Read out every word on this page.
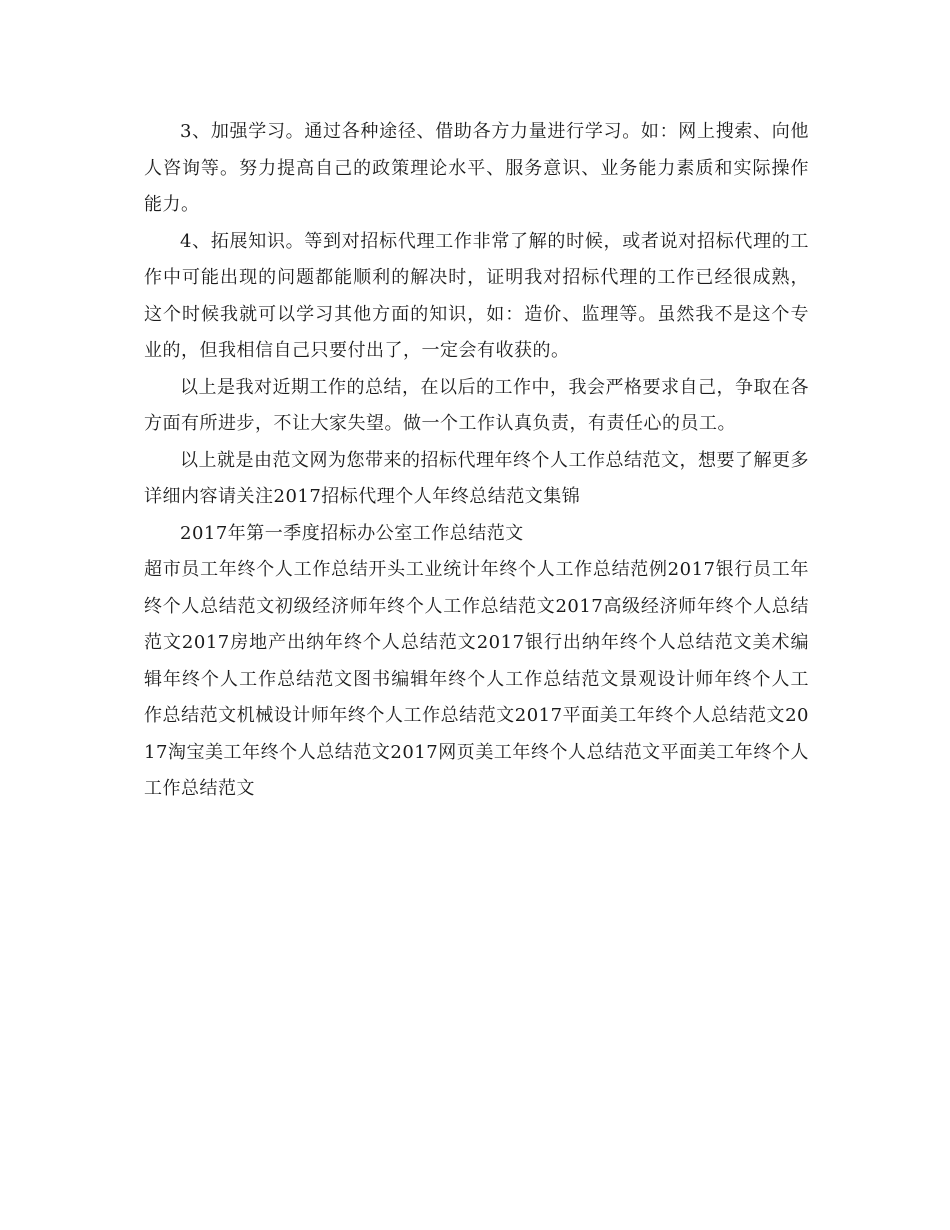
3、加强学习。通过各种途径、借助各方力量进行学习。如：网上搜索、向他人咨询等。努力提高自己的政策理论水平、服务意识、业务能力素质和实际操作能力。

4、拓展知识。等到对招标代理工作非常了解的时候，或者说对招标代理的工作中可能出现的问题都能顺利的解决时，证明我对招标代理的工作已经很成熟，这个时候我就可以学习其他方面的知识，如：造价、监理等。虽然我不是这个专业的，但我相信自己只要付出了，一定会有收获的。

以上是我对近期工作的总结，在以后的工作中，我会严格要求自己，争取在各方面有所进步，不让大家失望。做一个工作认真负责，有责任心的员工。

以上就是由范文网为您带来的招标代理年终个人工作总结范文，想要了解更多详细内容请关注2017招标代理个人年终总结范文集锦

2017年第一季度招标办公室工作总结范文

超市员工年终个人工作总结开头工业统计年终个人工作总结范例2017银行员工年终个人总结范文初级经济师年终个人工作总结范文2017高级经济师年终个人总结范文2017房地产出纳年终个人总结范文2017银行出纳年终个人总结范文美术编辑年终个人工作总结范文图书编辑年终个人工作总结范文景观设计师年终个人工作总结范文机械设计师年终个人工作总结范文2017平面美工年终个人总结范文2017淘宝美工年终个人总结范文2017网页美工年终个人总结范文平面美工年终个人工作总结范文
